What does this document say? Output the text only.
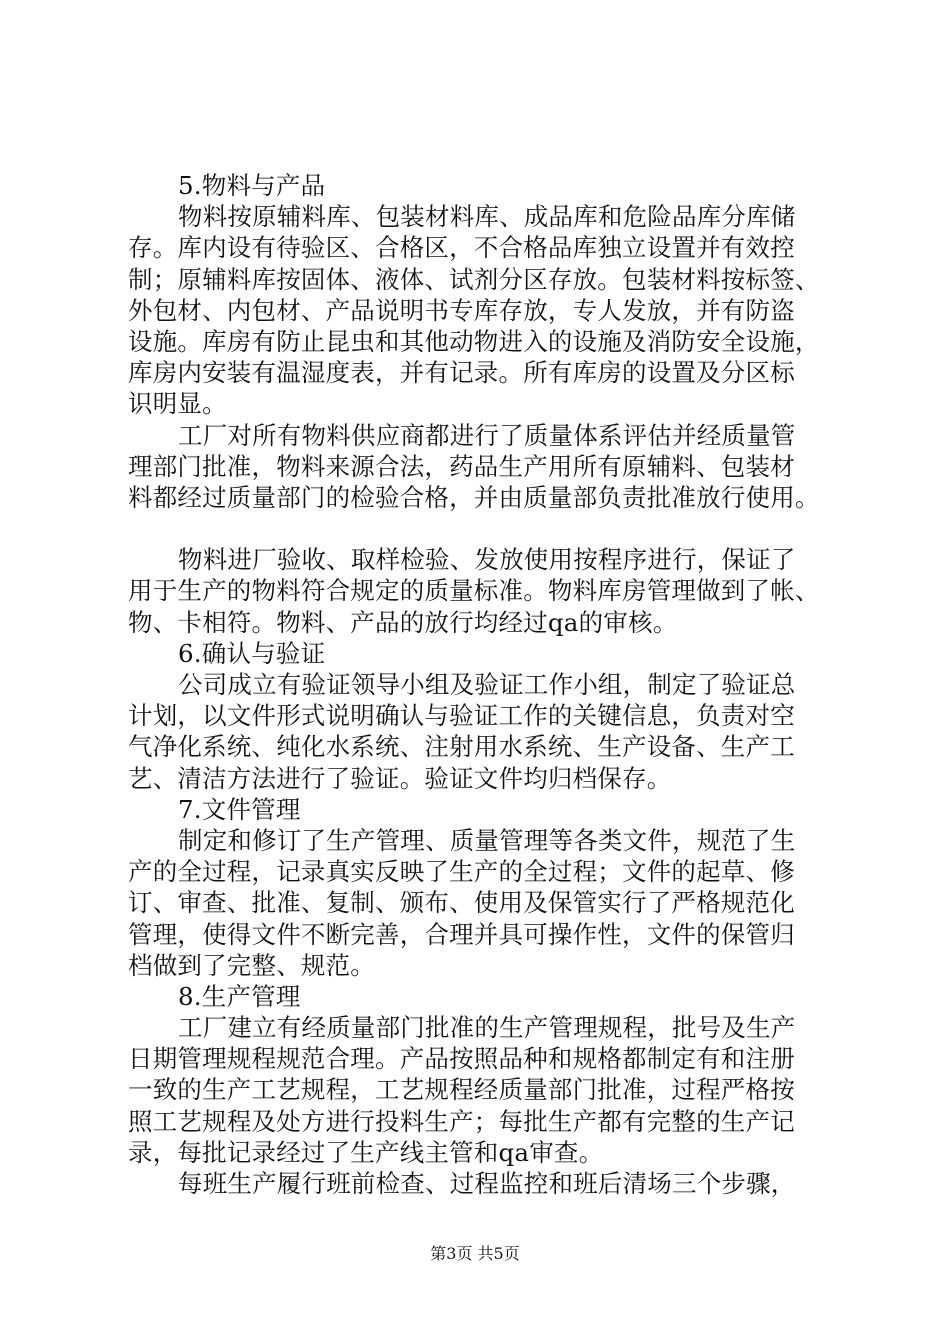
5.物料与产品
物料按原辅料库、包装材料库、成品库和危险品库分库储
存。库内设有待验区、合格区，不合格品库独立设置并有效控
制；原辅料库按固体、液体、试剂分区存放。包装材料按标签、
外包材、内包材、产品说明书专库存放，专人发放，并有防盗
设施。库房有防止昆虫和其他动物进入的设施及消防安全设施，
库房内安装有温湿度表，并有记录。所有库房的设置及分区标
识明显。
工厂对所有物料供应商都进行了质量体系评估并经质量管
理部门批准，物料来源合法，药品生产用所有原辅料、包装材
料都经过质量部门的检验合格，并由质量部负责批准放行使用。
物料进厂验收、取样检验、发放使用按程序进行，保证了
用于生产的物料符合规定的质量标准。物料库房管理做到了帐、
物、卡相符。物料、产品的放行均经过qa的审核。
6.确认与验证
公司成立有验证领导小组及验证工作小组，制定了验证总
计划，以文件形式说明确认与验证工作的关键信息，负责对空
气净化系统、纯化水系统、注射用水系统、生产设备、生产工
艺、清洁方法进行了验证。验证文件均归档保存。
7.文件管理
制定和修订了生产管理、质量管理等各类文件，规范了生
产的全过程，记录真实反映了生产的全过程；文件的起草、修
订、审查、批准、复制、颁布、使用及保管实行了严格规范化
管理，使得文件不断完善，合理并具可操作性，文件的保管归
档做到了完整、规范。
8.生产管理
工厂建立有经质量部门批准的生产管理规程，批号及生产
日期管理规程规范合理。产品按照品种和规格都制定有和注册
一致的生产工艺规程，工艺规程经质量部门批准，过程严格按
照工艺规程及处方进行投料生产；每批生产都有完整的生产记
录，每批记录经过了生产线主管和qa审查。
每班生产履行班前检查、过程监控和班后清场三个步骤，
第3页 共5页
